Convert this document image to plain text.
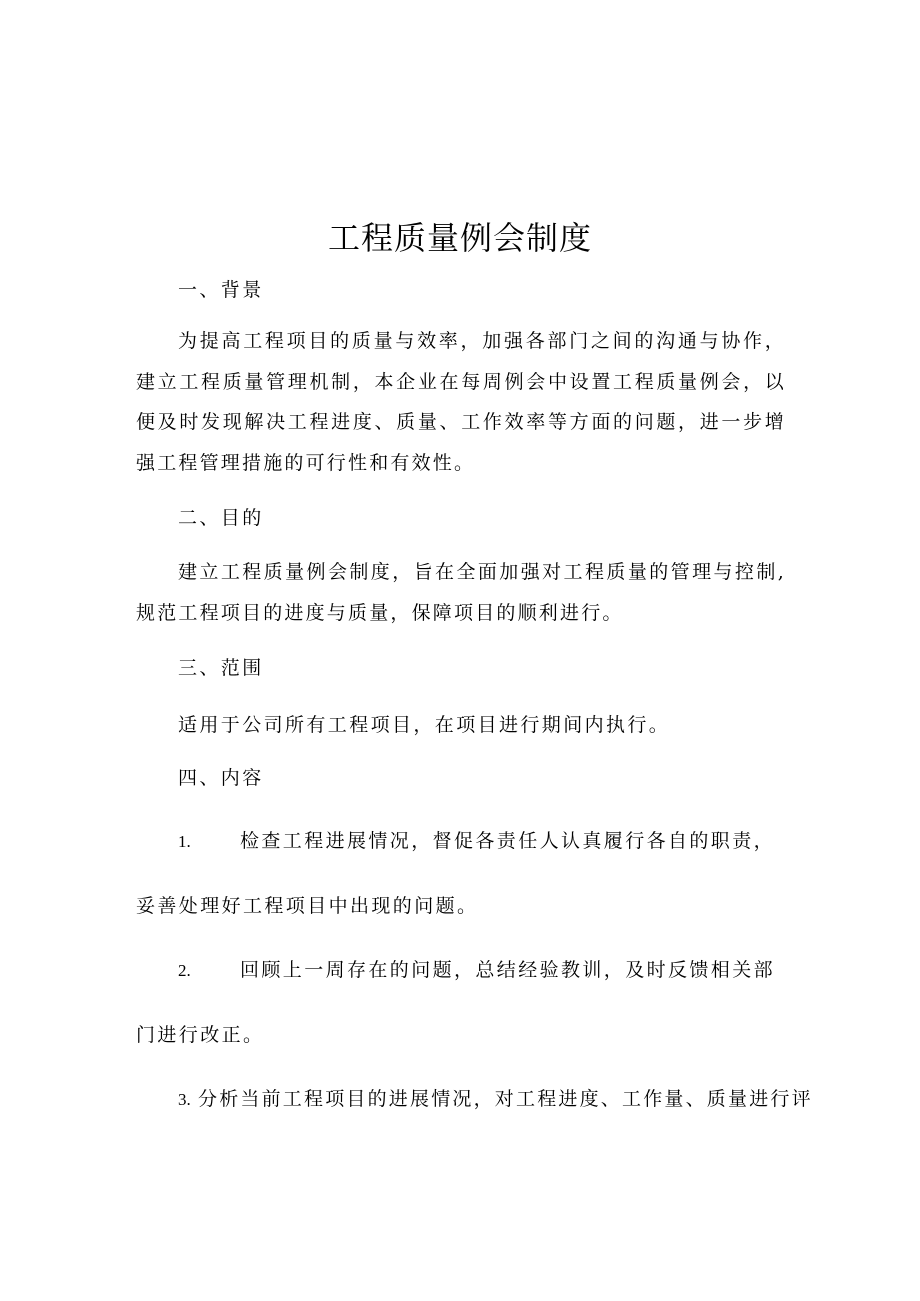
工程质量例会制度
一、背景
为提高工程项目的质量与效率，加强各部门之间的沟通与协作，建立工程质量管理机制，本企业在每周例会中设置工程质量例会，以便及时发现解决工程进度、质量、工作效率等方面的问题，进一步增强工程管理措施的可行性和有效性。
二、目的
建立工程质量例会制度，旨在全面加强对工程质量的管理与控制,规范工程项目的进度与质量，保障项目的顺利进行。
三、范围
适用于公司所有工程项目，在项目进行期间内执行。
四、内容
1.	检查工程进展情况，督促各责任人认真履行各自的职责，
妥善处理好工程项目中出现的问题。
2.	回顾上一周存在的问题，总结经验教训，及时反馈相关部
门进行改正。
3. 分析当前工程项目的进展情况，对工程进度、工作量、质量进行评
